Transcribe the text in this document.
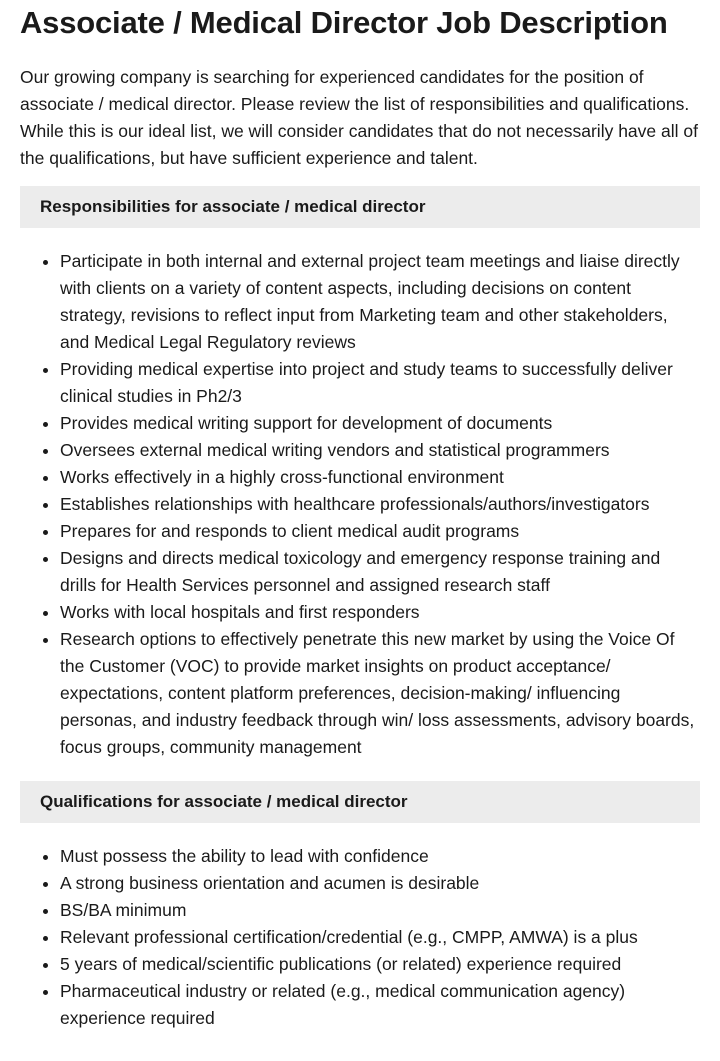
Associate / Medical Director Job Description

Our growing company is searching for experienced candidates for the position of associate / medical director. Please review the list of responsibilities and qualifications. While this is our ideal list, we will consider candidates that do not necessarily have all of the qualifications, but have sufficient experience and talent.

Responsibilities for associate / medical director
• Participate in both internal and external project team meetings and liaise directly with clients on a variety of content aspects, including decisions on content strategy, revisions to reflect input from Marketing team and other stakeholders, and Medical Legal Regulatory reviews
• Providing medical expertise into project and study teams to successfully deliver clinical studies in Ph2/3
• Provides medical writing support for development of documents
• Oversees external medical writing vendors and statistical programmers
• Works effectively in a highly cross-functional environment
• Establishes relationships with healthcare professionals/authors/investigators
• Prepares for and responds to client medical audit programs
• Designs and directs medical toxicology and emergency response training and drills for Health Services personnel and assigned research staff
• Works with local hospitals and first responders
• Research options to effectively penetrate this new market by using the Voice Of the Customer (VOC) to provide market insights on product acceptance/ expectations, content platform preferences, decision-making/ influencing personas, and industry feedback through win/ loss assessments, advisory boards, focus groups, community management
Qualifications for associate / medical director
• Must possess the ability to lead with confidence
• A strong business orientation and acumen is desirable
• BS/BA minimum
• Relevant professional certification/credential (e.g., CMPP, AMWA) is a plus
• 5 years of medical/scientific publications (or related) experience required
• Pharmaceutical industry or related (e.g., medical communication agency) experience required
